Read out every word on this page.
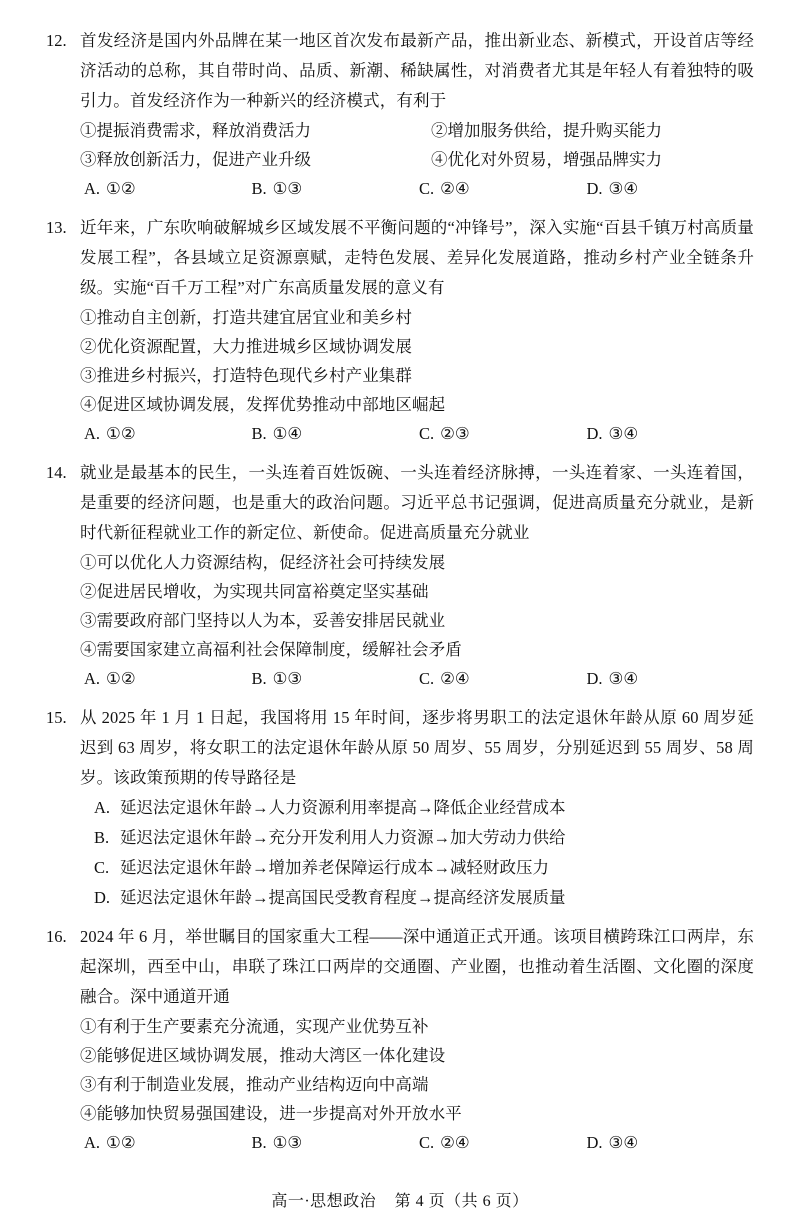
12. 首发经济是国内外品牌在某一地区首次发布最新产品，推出新业态、新模式，开设首店等经济活动的总称，其自带时尚、品质、新潮、稀缺属性，对消费者尤其是年轻人有着独特的吸引力。首发经济作为一种新兴的经济模式，有利于
①提振消费需求，释放消费活力	②增加服务供给，提升购买能力
③释放创新活力，促进产业升级	④优化对外贸易，增强品牌实力
A. ①②	B. ①③	C. ②④	D. ③④
13. 近年来，广东吹响破解城乡区域发展不平衡问题的“冲锋号”，深入实施“百县千镇万村高质量发展工程”，各县域立足资源禀赋，走特色发展、差异化发展道路，推动乡村产业全链条升级。实施“百千万工程”对广东高质量发展的意义有
①推动自主创新，打造共建宜居宜业和美乡村
②优化资源配置，大力推进城乡区域协调发展
③推进乡村振兴，打造特色现代乡村产业集群
④促进区域协调发展，发挥优势推动中部地区崛起
A. ①②	B. ①④	C. ②③	D. ③④
14. 就业是最基本的民生，一头连着百姓饭碗、一头连着经济脉搏，一头连着家、一头连着国，是重要的经济问题，也是重大的政治问题。习近平总书记强调，促进高质量充分就业，是新时代新征程就业工作的新定位、新使命。促进高质量充分就业
①可以优化人力资源结构，促经济社会可持续发展
②促进居民增收，为实现共同富裕奠定坚实基础
③需要政府部门坚持以人为本，妥善安排居民就业
④需要国家建立高福利社会保障制度，缓解社会矛盾
A. ①②	B. ①③	C. ②④	D. ③④
15. 从 2025 年 1 月 1 日起，我国将用 15 年时间，逐步将男职工的法定退休年龄从原 60 周岁延迟到 63 周岁，将女职工的法定退休年龄从原 50 周岁、55 周岁，分别延迟到 55 周岁、58 周岁。该政策预期的传导路径是
A. 延迟法定退休年龄→人力资源利用率提高→降低企业经营成本
B. 延迟法定退休年龄→充分开发利用人力资源→加大劳动力供给
C. 延迟法定退休年龄→增加养老保障运行成本→减轻财政压力
D. 延迟法定退休年龄→提高国民受教育程度→提高经济发展质量
16. 2024 年 6 月，举世瞩目的国家重大工程——深中通道正式开通。该项目横跨珠江口两岸，东起深圳，西至中山，串联了珠江口两岸的交通圈、产业圈，也推动着生活圈、文化圈的深度融合。深中通道开通
①有利于生产要素充分流通，实现产业优势互补
②能够促进区域协调发展，推动大湾区一体化建设
③有利于制造业发展，推动产业结构迈向中高端
④能够加快贸易强国建设，进一步提高对外开放水平
A. ①②	B. ①③	C. ②④	D. ③④
高一·思想政治 第 4 页（共 6 页）
